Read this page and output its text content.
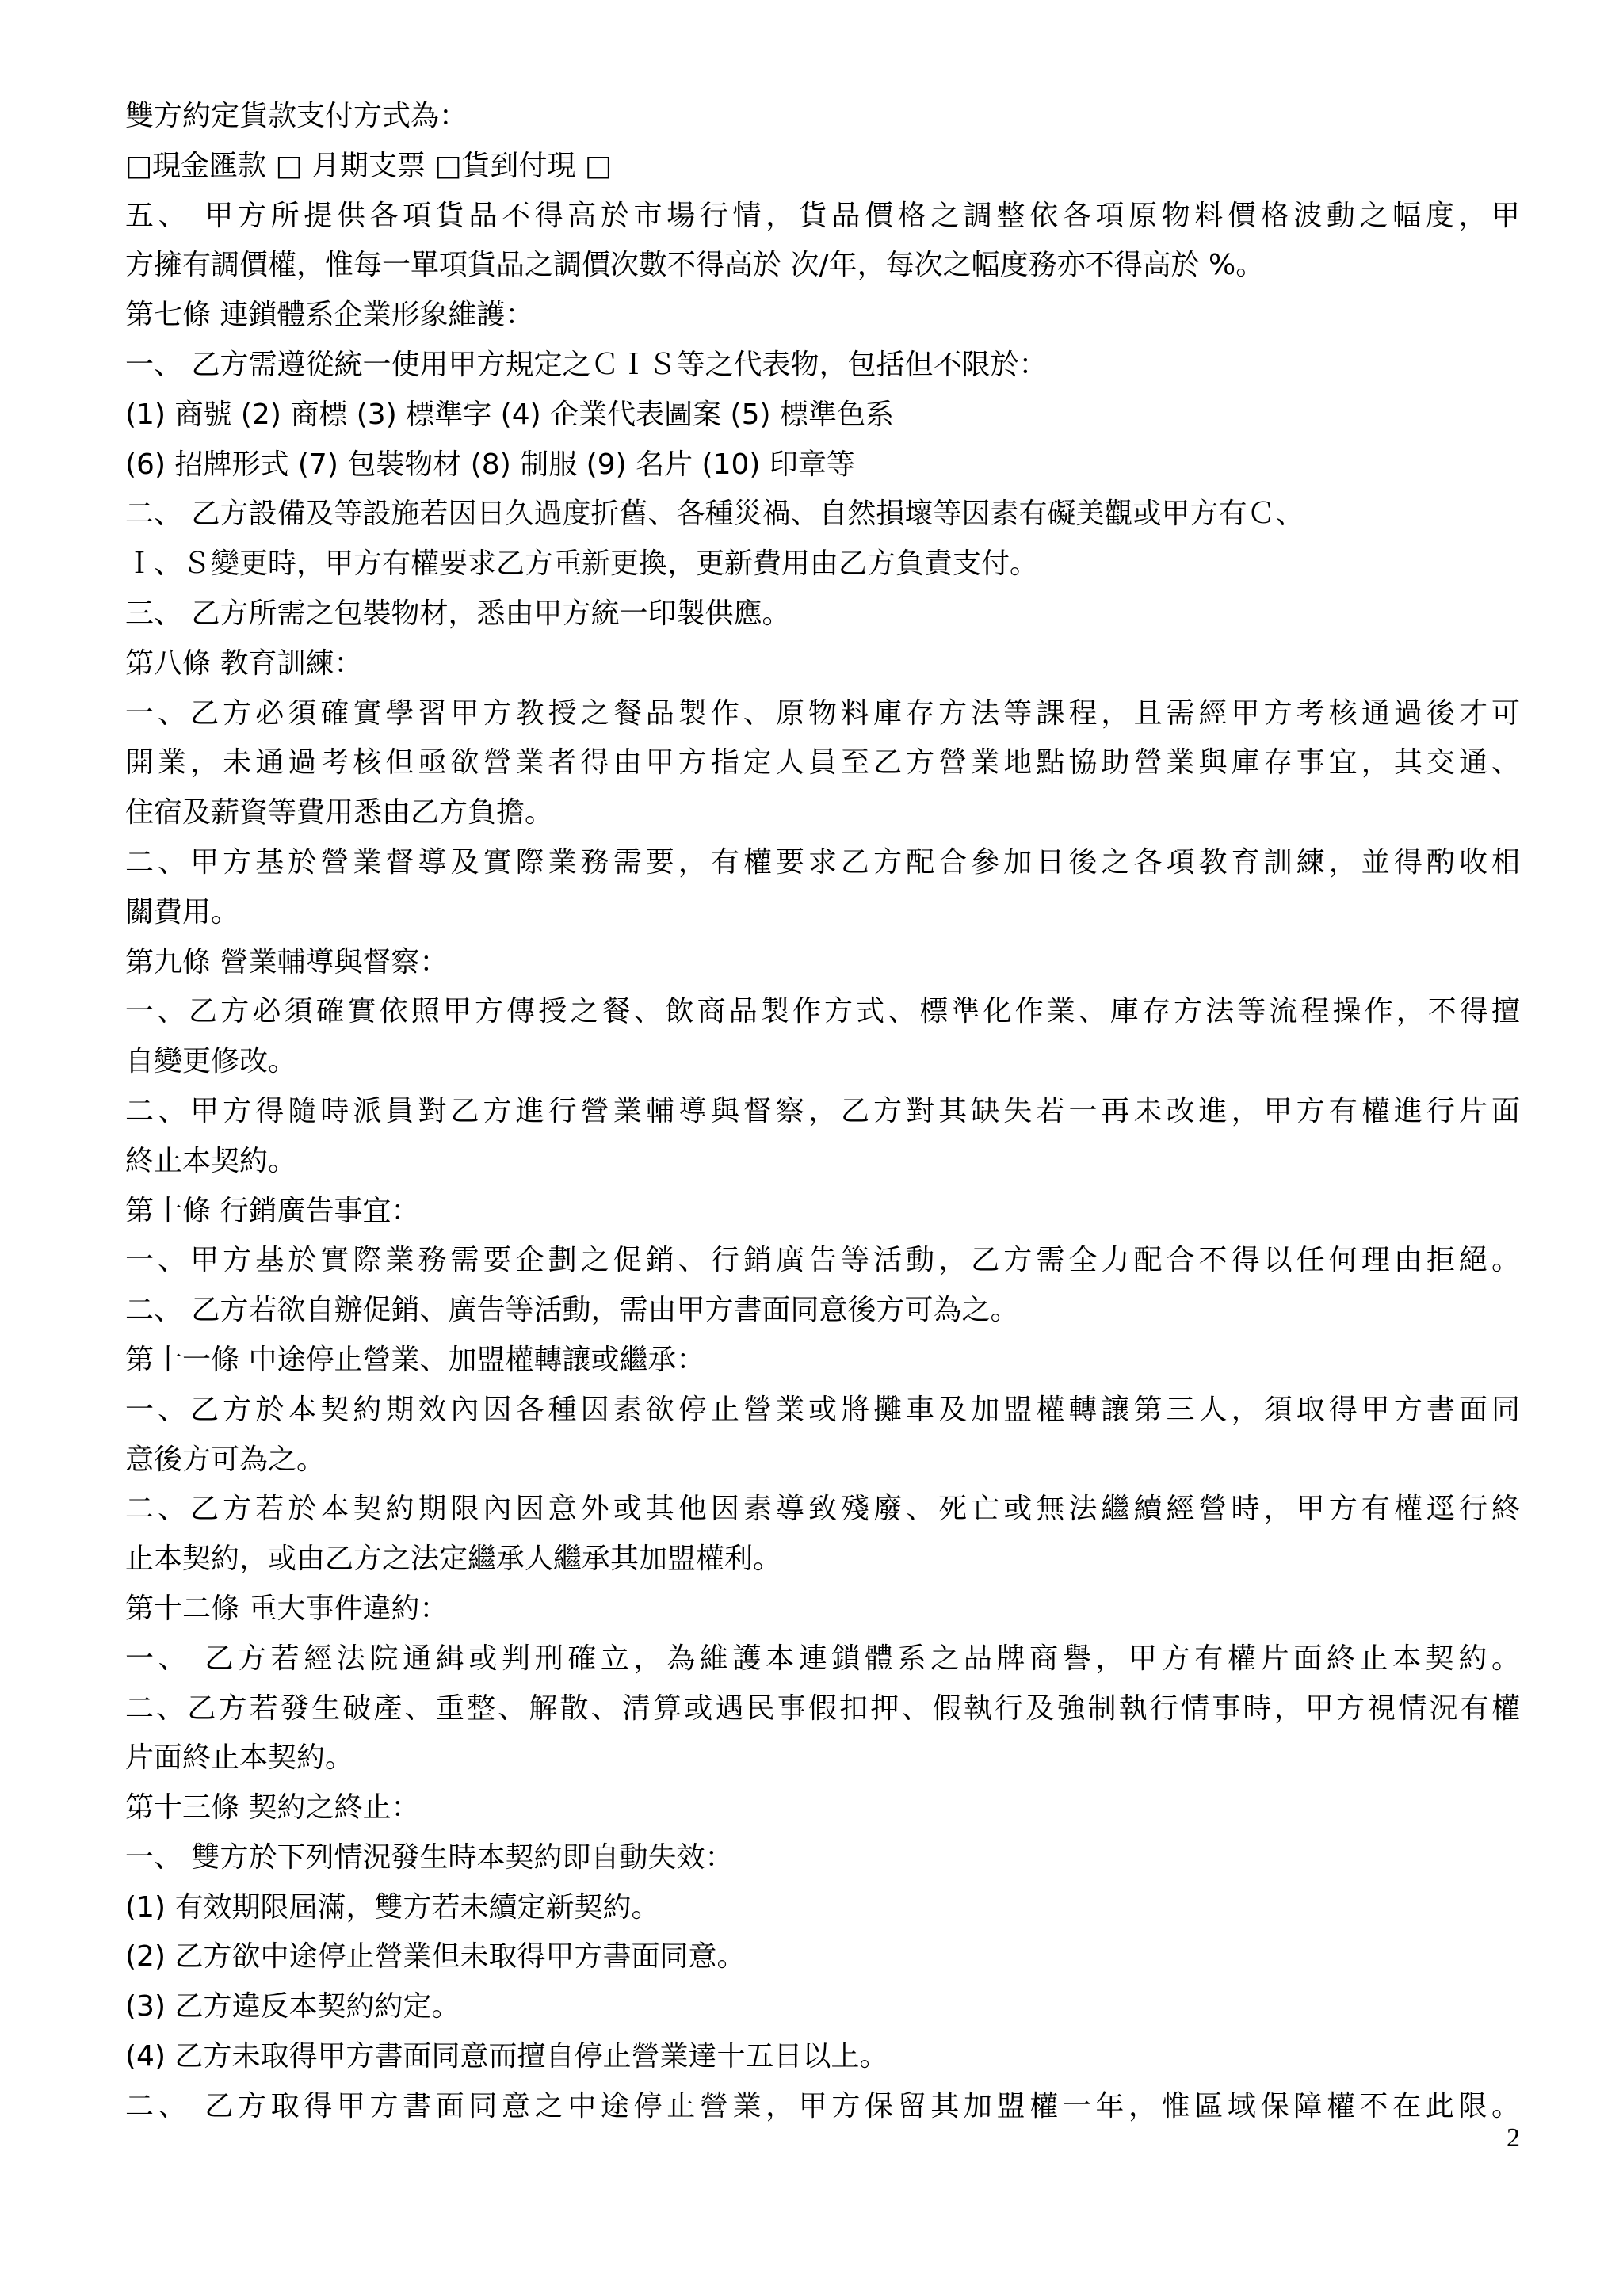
雙方約定貨款支付方式為：
□現金匯款 □ 月期支票 □貨到付現 □
五、 甲方所提供各項貨品不得高於市場行情，貨品價格之調整依各項原物料價格波動之幅度，甲
方擁有調價權，惟每一單項貨品之調價次數不得高於 次/年，每次之幅度務亦不得高於 %。
第七條 連鎖體系企業形象維護：
一、 乙方需遵從統一使用甲方規定之ＣＩＳ等之代表物，包括但不限於：
(1) 商號 (2) 商標 (3) 標準字 (4) 企業代表圖案 (5) 標準色系
(6) 招牌形式 (7) 包裝物材 (8) 制服 (9) 名片 (10) 印章等
二、 乙方設備及等設施若因日久過度折舊、各種災禍、自然損壞等因素有礙美觀或甲方有Ｃ、
Ｉ、Ｓ變更時，甲方有權要求乙方重新更換，更新費用由乙方負責支付。
三、 乙方所需之包裝物材，悉由甲方統一印製供應。
第八條 教育訓練：
一、乙方必須確實學習甲方教授之餐品製作、原物料庫存方法等課程，且需經甲方考核通過後才可
開業，未通過考核但亟欲營業者得由甲方指定人員至乙方營業地點協助營業與庫存事宜，其交通、
住宿及薪資等費用悉由乙方負擔。
二、甲方基於營業督導及實際業務需要，有權要求乙方配合參加日後之各項教育訓練，並得酌收相
關費用。
第九條 營業輔導與督察：
一、乙方必須確實依照甲方傳授之餐、飲商品製作方式、標準化作業、庫存方法等流程操作，不得擅
自變更修改。
二、甲方得隨時派員對乙方進行營業輔導與督察，乙方對其缺失若一再未改進，甲方有權進行片面
終止本契約。
第十條 行銷廣告事宜：
一、甲方基於實際業務需要企劃之促銷、行銷廣告等活動，乙方需全力配合不得以任何理由拒絕。
二、 乙方若欲自辦促銷、廣告等活動，需由甲方書面同意後方可為之。
第十一條 中途停止營業、加盟權轉讓或繼承：
一、乙方於本契約期效內因各種因素欲停止營業或將攤車及加盟權轉讓第三人，須取得甲方書面同
意後方可為之。
二、乙方若於本契約期限內因意外或其他因素導致殘廢、死亡或無法繼續經營時，甲方有權逕行終
止本契約，或由乙方之法定繼承人繼承其加盟權利。
第十二條 重大事件違約：
一、 乙方若經法院通緝或判刑確立，為維護本連鎖體系之品牌商譽，甲方有權片面終止本契約。
二、乙方若發生破產、重整、解散、清算或遇民事假扣押、假執行及強制執行情事時，甲方視情況有權
片面終止本契約。
第十三條 契約之終止：
一、 雙方於下列情況發生時本契約即自動失效：
(1) 有效期限屆滿，雙方若未續定新契約。
(2) 乙方欲中途停止營業但未取得甲方書面同意。
(3) 乙方違反本契約約定。
(4) 乙方未取得甲方書面同意而擅自停止營業達十五日以上。
二、 乙方取得甲方書面同意之中途停止營業，甲方保留其加盟權一年，惟區域保障權不在此限。
2
